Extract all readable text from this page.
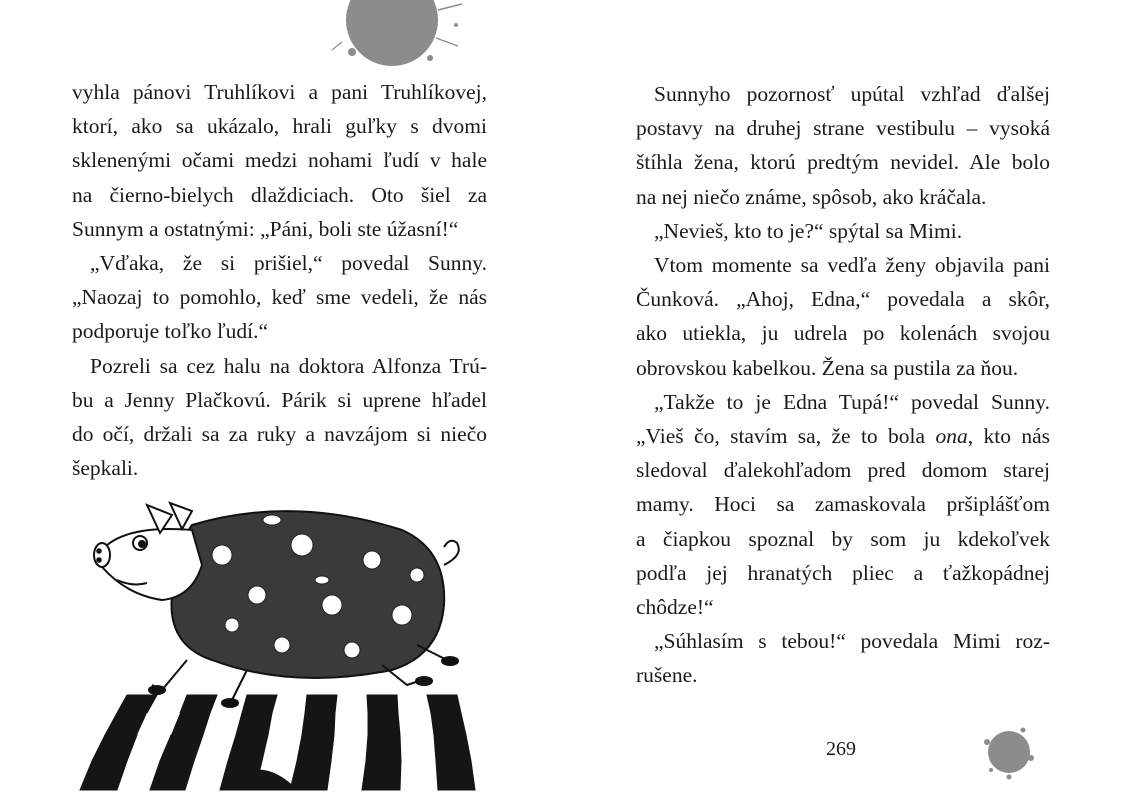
vyhla pánovi Truhlíkovi a pani Truhlíkovej,
ktorí, ako sa ukázalo, hrali guľky s dvomi
sklenenými očami medzi nohami ľudí v hale
na čierno-bielych dlaždiciach. Oto šiel za
Sunnym a ostatnými: „Páni, boli ste úžasní!“

„Vďaka, že si prišiel,“ povedal Sunny.
„Naozaj to pomohlo, keď sme vedeli, že nás
podporuje toľko ľudí.“

Pozreli sa cez halu na doktora Alfonza Trú-
bu a Jenny Plačkovú. Párik si uprene hľadel
do očí, držali sa za ruky a navzájom si niečo
šepkali.

Sunnyho pozornosť upútal vzhľad ďalšej
postavy na druhej strane vestibulu – vysoká
štíhla žena, ktorú predtým nevidel. Ale bolo
na nej niečo známe, spôsob, ako kráčala.

„Nevieš, kto to je?“ spýtal sa Mimi.

Vtom momente sa vedľa ženy objavila pani
Čunková. „Ahoj, Edna,“ povedala a skôr,
ako utiekla, ju udrela po kolenách svojou
obrovskou kabelkou. Žena sa pustila za ňou.

„Takže to je Edna Tupá!“ povedal Sunny.
„Vieš čo, stavím sa, že to bola ona, kto nás
sledoval ďalekohľadom pred domom starej
mamy. Hoci sa zamaskovala pršiplášťom
a čiapkou spoznal by som ju kdekoľvek
podľa jej hranatých pliec a ťažkopádnej
chôdze!“

„Súhlasím s tebou!“ povedala Mimi roz-
rušene.

269
